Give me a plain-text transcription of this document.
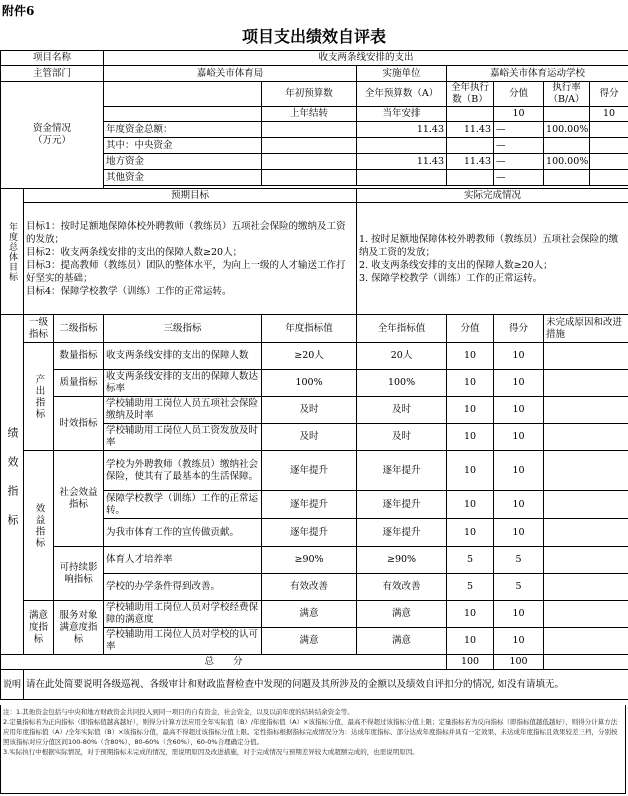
附件6
项目支出绩效自评表
项目名称			收支两条线安排的支出						
主管部门			嘉峪关市体育局		实施单位	嘉峪关市体育运动学校			
资金情况
（万元）				年初预算数	全年预算数（A）	全年执行数（B）	分值	执行率（B/A）	得分
				上年结转	当年安排		10		10
			年度资金总额：		11.43	11.43	—	100.00%	
			其中：中央资金				—		
			地方资金		11.43	11.43	—	100.00%	
			其他资金				—		

年度总体目标	预期目标				实际完成情况				
	目标1：按时足额地保障体校外聘教师（教练员）五项社会保险的缴纳及工资的发放；
目标2：收支两条线安排的支出的保障人数≥20人；
目标3：提高教师（教练员）团队的整体水平，为向上一级的人才输送工作打好坚实的基础；
目标4：保障学校教学（训练）工作的正常运转。				1. 按时足额地保障体校外聘教师（教练员）五项社会保险的缴纳及工资的发放；
2. 收支两条线安排的支出的保障人数≥20人；
3. 保障学校教学（训练）工作的正常运转。				
绩效指标	一级指标	二级指标	三级指标	年度指标值	全年指标值	分值	得分	未完成原因和改进措施	
	产出指标	数量指标	收支两条线安排的支出的保障人数	≥20人	20人	10	10		
		质量指标	收支两条线安排的支出的保障人数达标率	100%	100%	10	10		
		时效指标	学校辅助用工岗位人员五项社会保险缴纳及时率	及时	及时	10	10		
			学校辅助用工岗位人员工资发放及时率	及时	及时	10	10		
	效益指标	社会效益指标	学校为外聘教师（教练员）缴纳社会保险，使其有了最基本的生活保障。	逐年提升	逐年提升	10	10		
			保障学校教学（训练）工作的正常运转。	逐年提升	逐年提升	10	10		
			为我市体育工作的宣传做贡献。	逐年提升	逐年提升	10	10		
		可持续影响指标	体育人才培养率	≥90%	≥90%	5	5		
			学校的办学条件得到改善。	有效改善	有效改善	5	5		
	满意度指标	服务对象满意度指标	学校辅助用工岗位人员对学校经费保障的满意度	满意	满意	10	10		
			学校辅助用工岗位人员对学校的认可率	满意	满意	10	10		
总　　分						100	100		
说明	请在此处简要说明各级巡视、各级审计和财政监督检查中发现的问题及其所涉及的金额以及绩效自评扣分的情况, 如没有请填无。								

注：1.其他资金包括与中央和地方财政资金共同投入到同一项目的自有资金、社会资金，以及以前年度的结转结余资金等。

2.定量指标若为正向指标（即指标值越高越好），则得分计算方法应用全年实际值（B）/年度指标值（A）×该指标分值，最高不得超过该指标分值上限；定量指标若为反向指标（即指标值越低越好），则得分计算方法应用年度指标值（A）/全年实际值（B）×该指标分值，最高不得超过该指标分值上限。定性指标根据指标完成情况分为：达成年度指标、部分达成年度指标并具有一定效果、未达成年度指标且效果较差三档，分别按照该指标对应分值区间100-80%（含80%）、80-60%（含60%）、60-0%合理确定分值。

3.实际执行中根据实际情况，对于预期指标未完成的情况，需说明原因及改进措施，对于完成情况与预期差异较大或超额完成的，也需说明原因。
